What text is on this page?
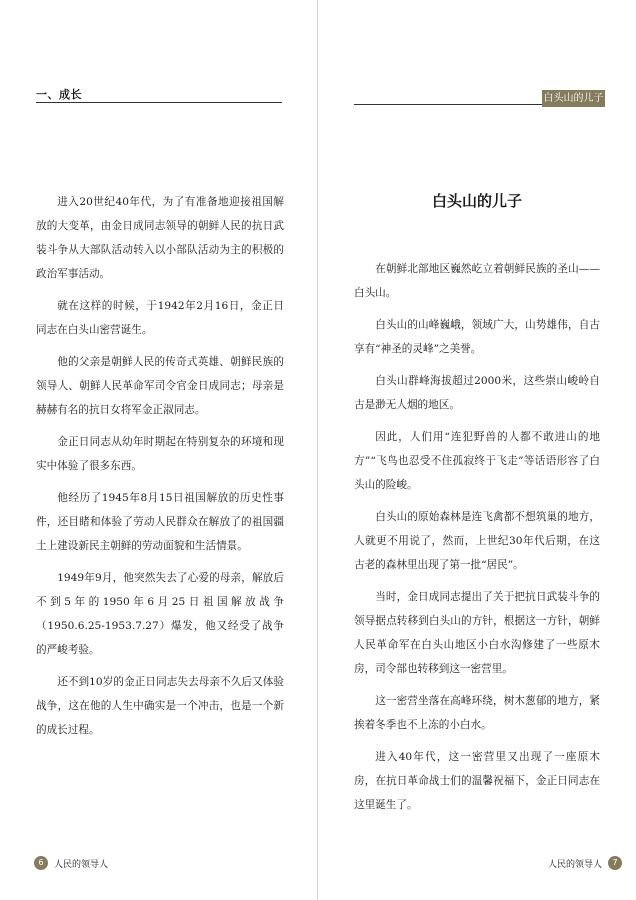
一、成长

进入20世纪40年代，为了有准备地迎接祖国解放的大变革，由金日成同志领导的朝鲜人民的抗日武装斗争从大部队活动转入以小部队活动为主的积极的政治军事活动。

就在这样的时候，于1942年2月16日，金正日同志在白头山密营诞生。

他的父亲是朝鲜人民的传奇式英雄、朝鲜民族的领导人、朝鲜人民革命军司令官金日成同志；母亲是赫赫有名的抗日女将军金正淑同志。

金正日同志从幼年时期起在特别复杂的环境和现实中体验了很多东西。

他经历了1945年8月15日祖国解放的历史性事件，还目睹和体验了劳动人民群众在解放了的祖国疆土上建设新民主朝鲜的劳动面貌和生活情景。

1949年9月，他突然失去了心爱的母亲，解放后不到5年的1950年6月25日祖国解放战争（1950.6.25-1953.7.27）爆发，他又经受了战争的严峻考验。

还不到10岁的金正日同志失去母亲不久后又体验战争，这在他的人生中确实是一个冲击，也是一个新的成长过程。

6	人民的领导人
白头山的儿子
白头山的儿子

在朝鲜北部地区巍然屹立着朝鲜民族的圣山——白头山。

白头山的山峰巍峨，领域广大，山势雄伟，自古享有“神圣的灵峰”之美誉。

白头山群峰海拔超过2000米，这些崇山峻岭自古是渺无人烟的地区。

因此，人们用“连犯野兽的人都不敢进山的地方”“飞鸟也忍受不住孤寂终于飞走”等话语形容了白头山的险峻。

白头山的原始森林是连飞禽都不想筑巢的地方，人就更不用说了，然而，上世纪30年代后期，在这古老的森林里出现了第一批“居民”。

当时，金日成同志提出了关于把抗日武装斗争的领导据点转移到白头山的方针，根据这一方针，朝鲜人民革命军在白头山地区小白水沟修建了一些原木房，司令部也转移到这一密营里。

这一密营坐落在高峰环绕，树木葱郁的地方，紧挨着冬季也不上冻的小白水。

进入40年代，这一密营里又出现了一座原木房，在抗日革命战士们的温馨祝福下，金正日同志在这里诞生了。

人民的领导人	7
